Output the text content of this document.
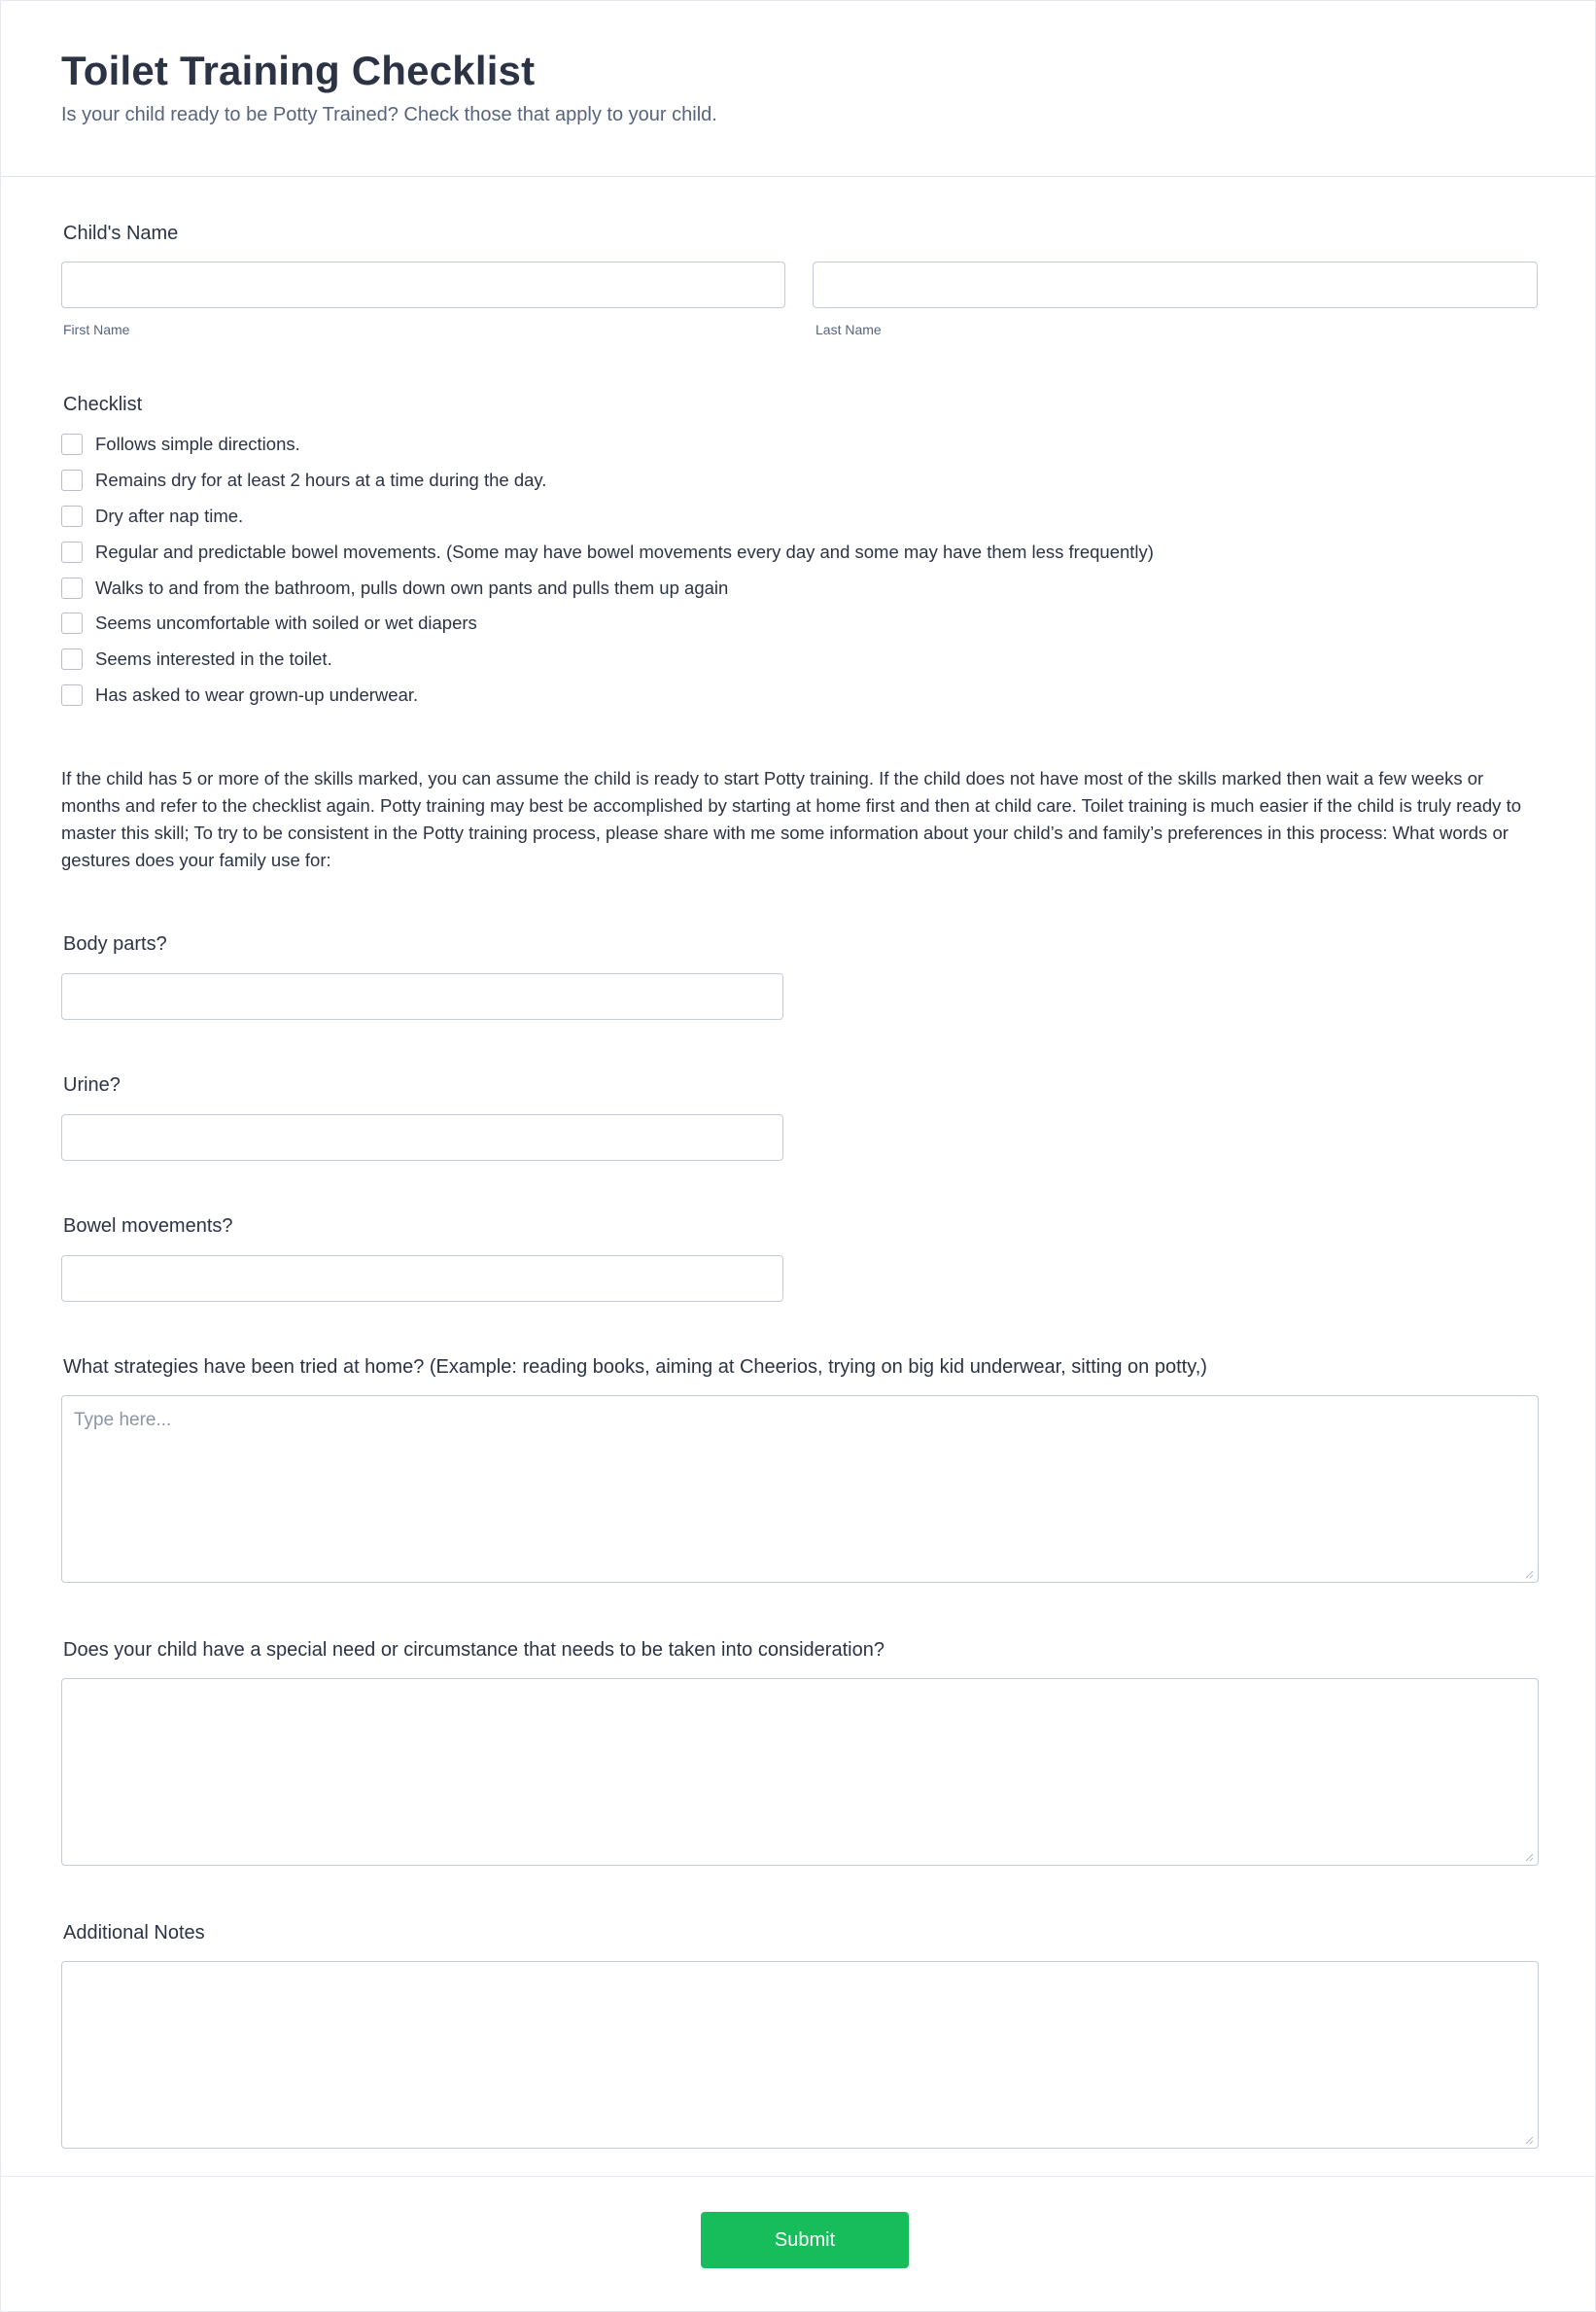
Toilet Training Checklist

Is your child ready to be Potty Trained? Check those that apply to your child.

Child's Name
First Name	Last Name
Checklist
Follows simple directions.
Remains dry for at least 2 hours at a time during the day.
Dry after nap time.
Regular and predictable bowel movements. (Some may have bowel movements every day and some may have them less frequently)
Walks to and from the bathroom, pulls down own pants and pulls them up again
Seems uncomfortable with soiled or wet diapers
Seems interested in the toilet.
Has asked to wear grown-up underwear.

If the child has 5 or more of the skills marked, you can assume the child is ready to start Potty training. If the child does not have most of the skills marked then wait a few weeks or months and refer to the checklist again. Potty training may best be accomplished by starting at home first and then at child care. Toilet training is much easier if the child is truly ready to master this skill; To try to be consistent in the Potty training process, please share with me some information about your child’s and family’s preferences in this process: What words or gestures does your family use for:

Body parts?
Urine?
Bowel movements?
What strategies have been tried at home? (Example: reading books, aiming at Cheerios, trying on big kid underwear, sitting on potty,)
Type here...
Does your child have a special need or circumstance that needs to be taken into consideration?
Additional Notes
Submit
